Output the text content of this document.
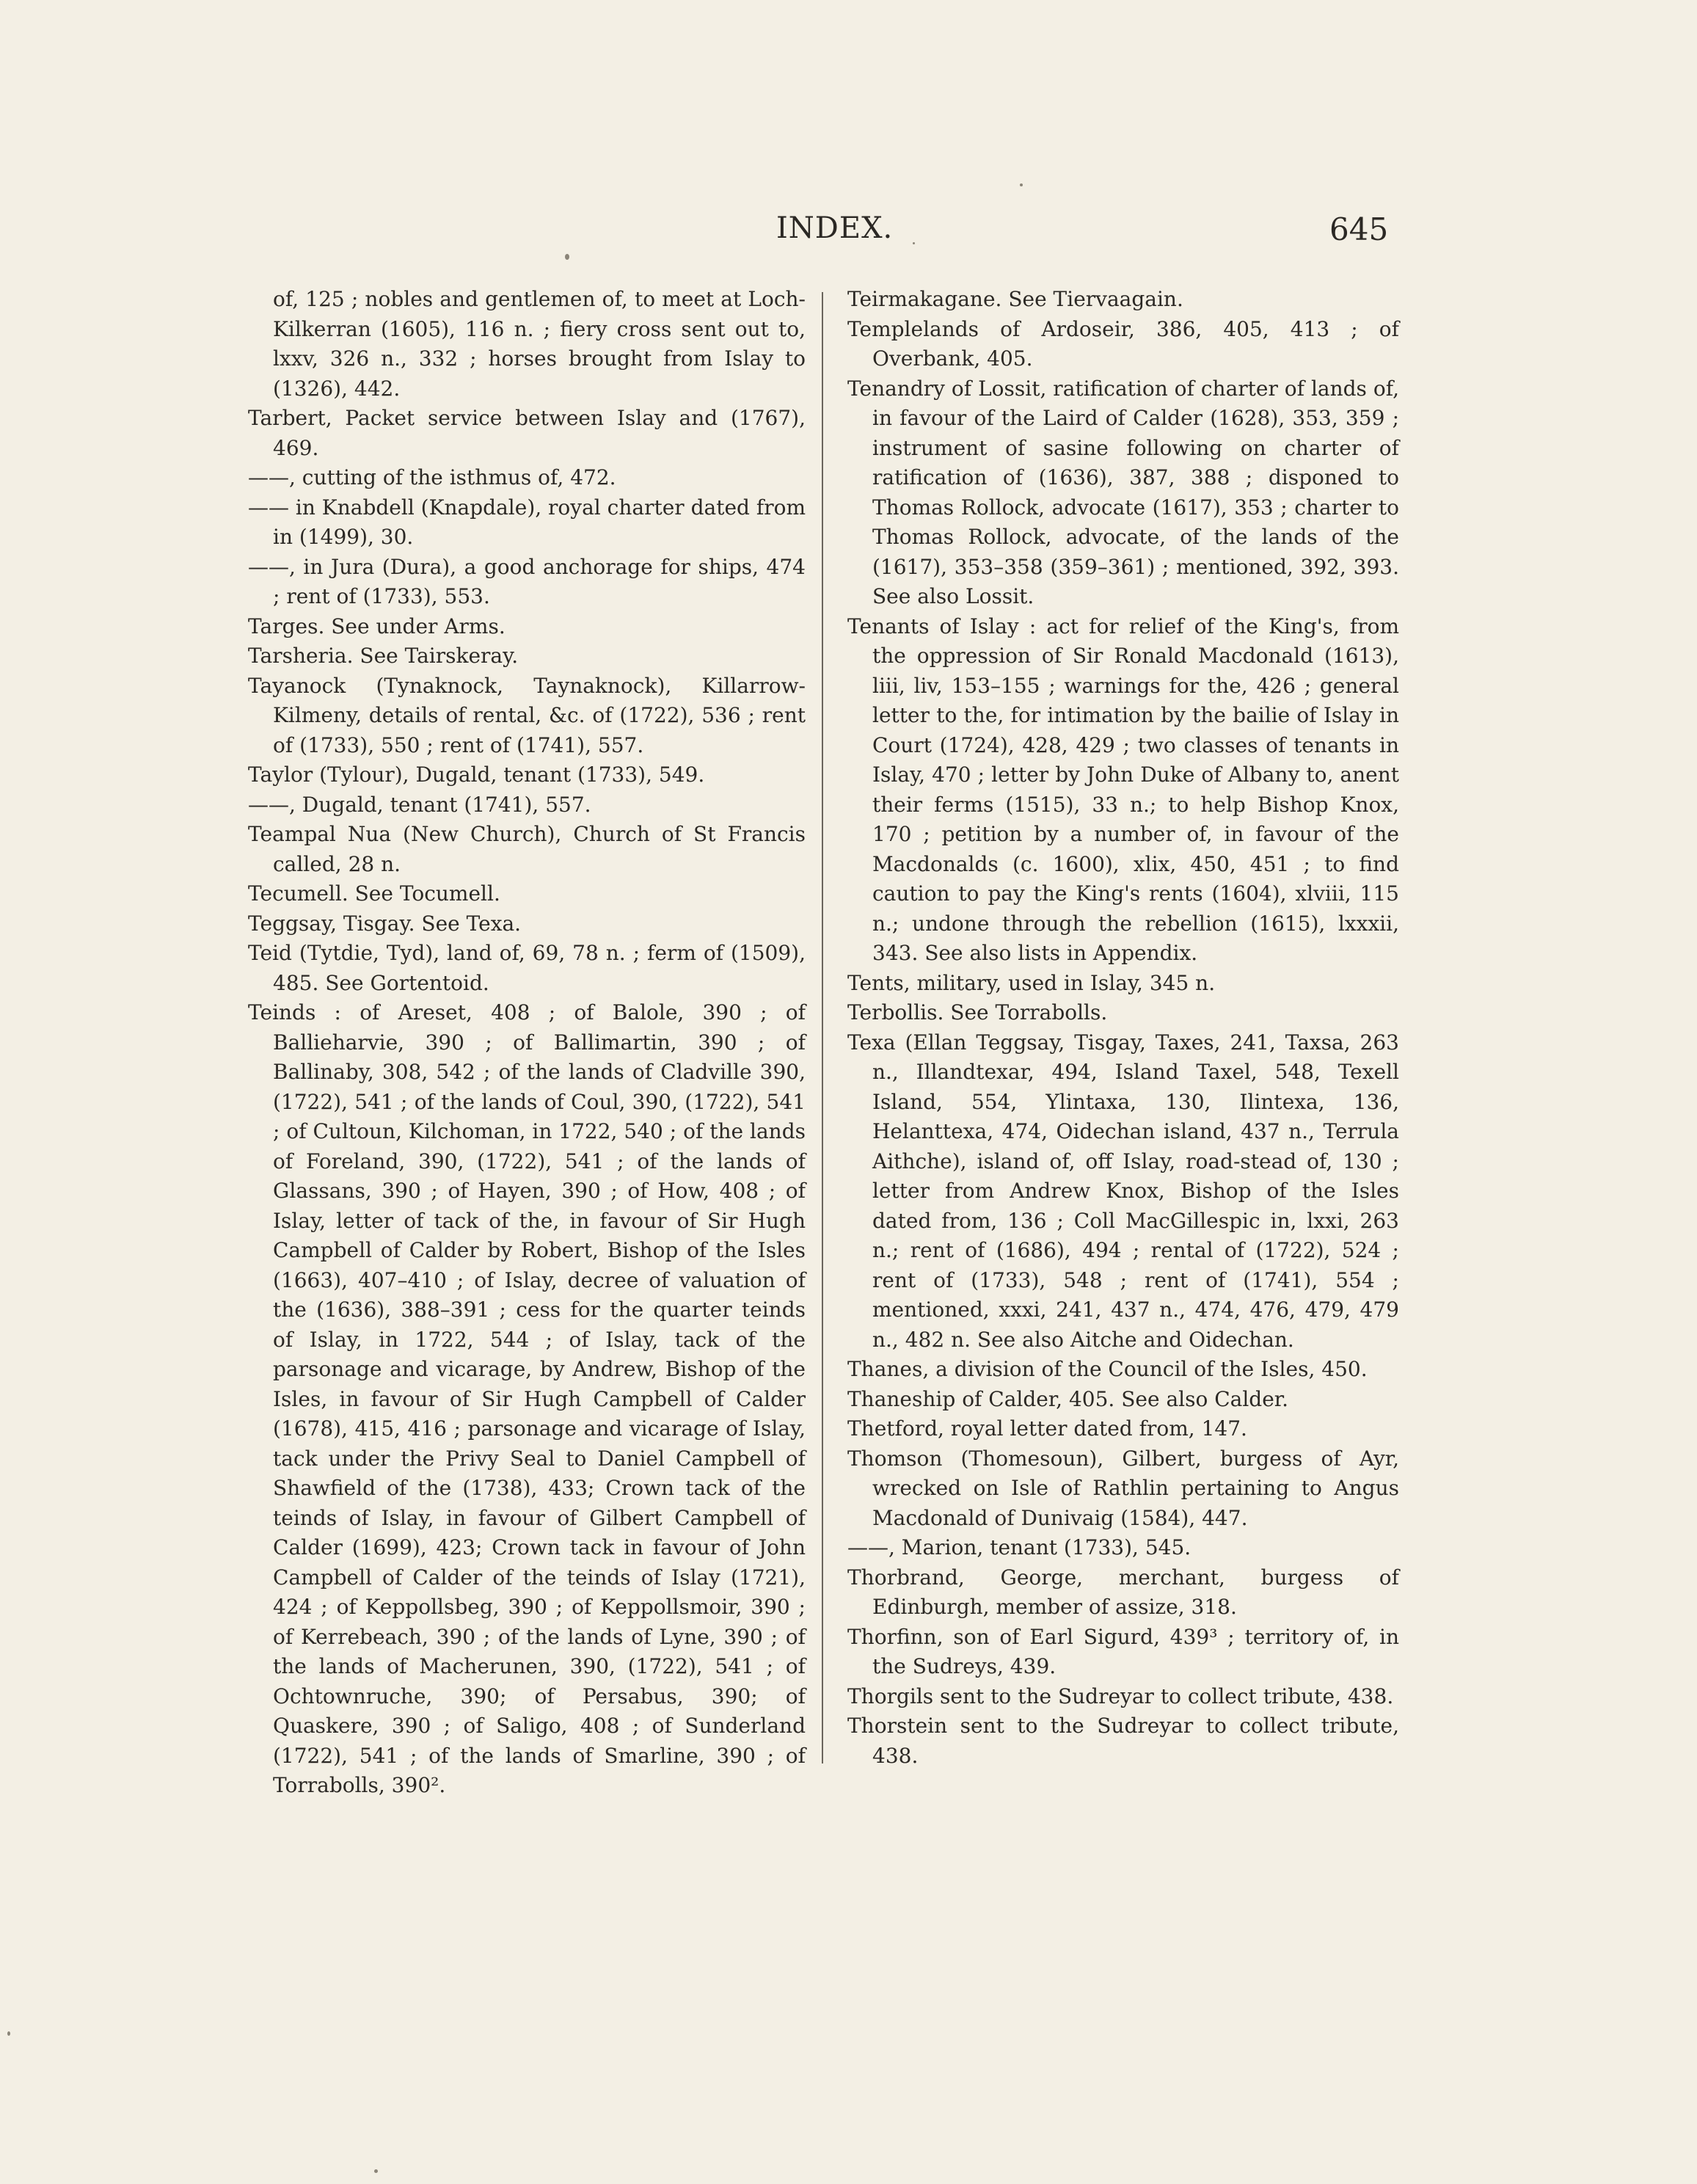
INDEX.	645

of, 125 ; nobles and gentlemen of, to meet at Loch-Kilkerran (1605), 116 n. ; fiery cross sent out to, lxxv, 326 n., 332 ; horses brought from Islay to (1326), 442.

Tarbert, Packet service between Islay and (1767), 469.

——, cutting of the isthmus of, 472.

—— in Knabdell (Knapdale), royal charter dated from in (1499), 30.

——, in Jura (Dura), a good anchorage for ships, 474 ; rent of (1733), 553.

Targes. See under Arms.

Tarsheria. See Tairskeray.

Tayanock (Tynaknock, Taynaknock), Killarrow-Kilmeny, details of rental, &c. of (1722), 536 ; rent of (1733), 550 ; rent of (1741), 557.

Taylor (Tylour), Dugald, tenant (1733), 549.

——, Dugald, tenant (1741), 557.

Teampal Nua (New Church), Church of St Francis called, 28 n.

Tecumell. See Tocumell.

Teggsay, Tisgay. See Texa.

Teid (Tytdie, Tyd), land of, 69, 78 n. ; ferm of (1509), 485. See Gortentoid.

Teinds : of Areset, 408 ; of Balole, 390 ; of Ballieharvie, 390 ; of Ballimartin, 390 ; of Ballinaby, 308, 542 ; of the lands of Cladville 390, (1722), 541 ; of the lands of Coul, 390, (1722), 541 ; of Cultoun, Kilchoman, in 1722, 540 ; of the lands of Foreland, 390, (1722), 541 ; of the lands of Glassans, 390 ; of Hayen, 390 ; of How, 408 ; of Islay, letter of tack of the, in favour of Sir Hugh Campbell of Calder by Robert, Bishop of the Isles (1663), 407–410 ; of Islay, decree of valuation of the (1636), 388–391 ; cess for the quarter teinds of Islay, in 1722, 544 ; of Islay, tack of the parsonage and vicarage, by Andrew, Bishop of the Isles, in favour of Sir Hugh Campbell of Calder (1678), 415, 416 ; parsonage and vicarage of Islay, tack under the Privy Seal to Daniel Campbell of Shawfield of the (1738), 433; Crown tack of the teinds of Islay, in favour of Gilbert Campbell of Calder (1699), 423; Crown tack in favour of John Campbell of Calder of the teinds of Islay (1721), 424 ; of Keppollsbeg, 390 ; of Keppollsmoir, 390 ; of Kerrebeach, 390 ; of the lands of Lyne, 390 ; of the lands of Macherunen, 390, (1722), 541 ; of Ochtownruche, 390; of Persabus, 390; of Quaskere, 390 ; of Saligo, 408 ; of Sunderland (1722), 541 ; of the lands of Smarline, 390 ; of Torrabolls, 390².

Teirmakagane. See Tiervaagain.

Templelands of Ardoseir, 386, 405, 413 ; of Overbank, 405.

Tenandry of Lossit, ratification of charter of lands of, in favour of the Laird of Calder (1628), 353, 359 ; instrument of sasine following on charter of ratification of (1636), 387, 388 ; disponed to Thomas Rollock, advocate (1617), 353 ; charter to Thomas Rollock, advocate, of the lands of the (1617), 353–358 (359–361) ; mentioned, 392, 393. See also Lossit.

Tenants of Islay : act for relief of the King's, from the oppression of Sir Ronald Macdonald (1613), liii, liv, 153–155 ; warnings for the, 426 ; general letter to the, for intimation by the bailie of Islay in Court (1724), 428, 429 ; two classes of tenants in Islay, 470 ; letter by John Duke of Albany to, anent their ferms (1515), 33 n.; to help Bishop Knox, 170 ; petition by a number of, in favour of the Macdonalds (c. 1600), xlix, 450, 451 ; to find caution to pay the King's rents (1604), xlviii, 115 n.; undone through the rebellion (1615), lxxxii, 343. See also lists in Appendix.

Tents, military, used in Islay, 345 n.

Terbollis. See Torrabolls.

Texa (Ellan Teggsay, Tisgay, Taxes, 241, Taxsa, 263 n., Illandtexar, 494, Island Taxel, 548, Texell Island, 554, Ylintaxa, 130, Ilintexa, 136, Helanttexa, 474, Oidechan island, 437 n., Terrula Aithche), island of, off Islay, road-stead of, 130 ; letter from Andrew Knox, Bishop of the Isles dated from, 136 ; Coll MacGillespic in, lxxi, 263 n.; rent of (1686), 494 ; rental of (1722), 524 ; rent of (1733), 548 ; rent of (1741), 554 ; mentioned, xxxi, 241, 437 n., 474, 476, 479, 479 n., 482 n. See also Aitche and Oidechan.

Thanes, a division of the Council of the Isles, 450.

Thaneship of Calder, 405. See also Calder.

Thetford, royal letter dated from, 147.

Thomson (Thomesoun), Gilbert, burgess of Ayr, wrecked on Isle of Rathlin pertaining to Angus Macdonald of Dunivaig (1584), 447.

——, Marion, tenant (1733), 545.

Thorbrand, George, merchant, burgess of Edinburgh, member of assize, 318.

Thorfinn, son of Earl Sigurd, 439³ ; territory of, in the Sudreys, 439.

Thorgils sent to the Sudreyar to collect tribute, 438.

Thorstein sent to the Sudreyar to collect tribute, 438.
